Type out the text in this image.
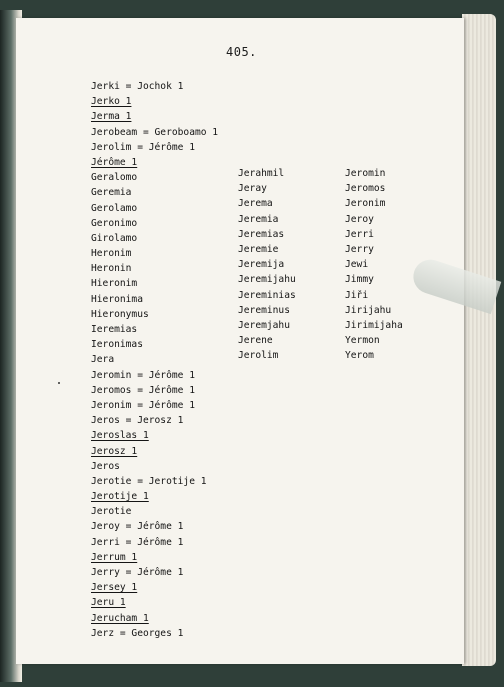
405.
Jerki = Jochok 1
Jerko 1
Jerma 1
Jerobeam = Geroboamo 1
Jerolim = Jérôme 1
Jérôme 1
Geralomo
Geremia
Gerolamo
Geronimo
Girolamo
Heronim
Heronin
Hieronim
Hieronima
Hieronymus
Ieremias
Ieronimas
Jera
Jeromin = Jérôme 1
Jeromos = Jérôme 1
Jeronim = Jérôme 1
Jeros = Jerosz 1
Jeroslas 1
Jerosz 1
Jeros
Jerotie = Jerotije 1
Jerotije 1
Jerotie
Jeroy = Jérôme 1
Jerri = Jérôme 1
Jerrum 1
Jerry = Jérôme 1
Jersey 1
Jeru 1
Jerucham 1
Jerz = Georges 1
Jerahmil
Jeray
Jerema
Jeremia
Jeremias
Jeremie
Jeremija
Jeremijahu
Jereminias
Jereminus
Jeremjahu
Jerene
Jerolim
Jeromin
Jeromos
Jeronim
Jeroy
Jerri
Jerry
Jewi
Jimmy
Jiři
Jirijahu
Jirimijaha
Yermon
Yerom
